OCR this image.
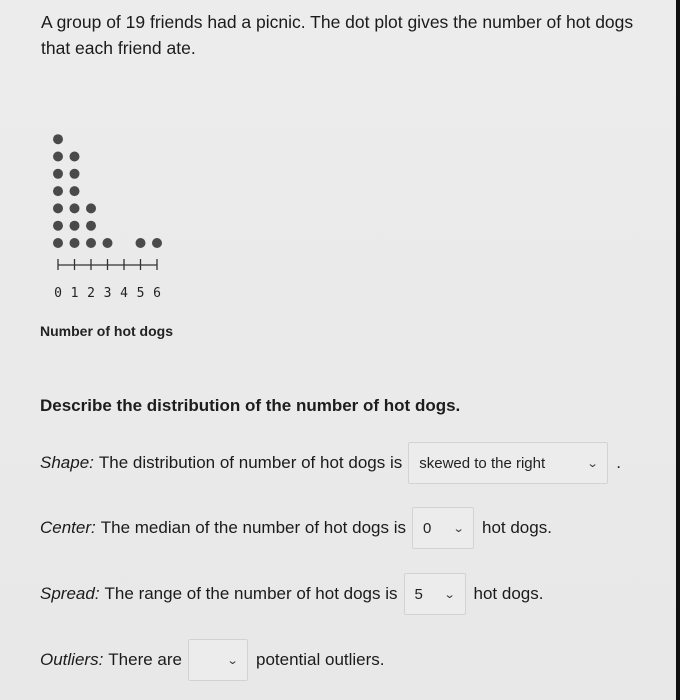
A group of 19 friends had a picnic. The dot plot gives the number of hot dogs that each friend ate.

0 1 2 3 4 5 6
Number of hot dogs

Describe the distribution of the number of hot dogs.

Shape: The distribution of number of hot dogs is skewed to the right	⌄ .
Center: The median of the number of hot dogs is 0 ⌄ hot dogs.
Spread: The range of the number of hot dogs is 5 ⌄ hot dogs.
Outliers: There are	⌄ potential outliers.
